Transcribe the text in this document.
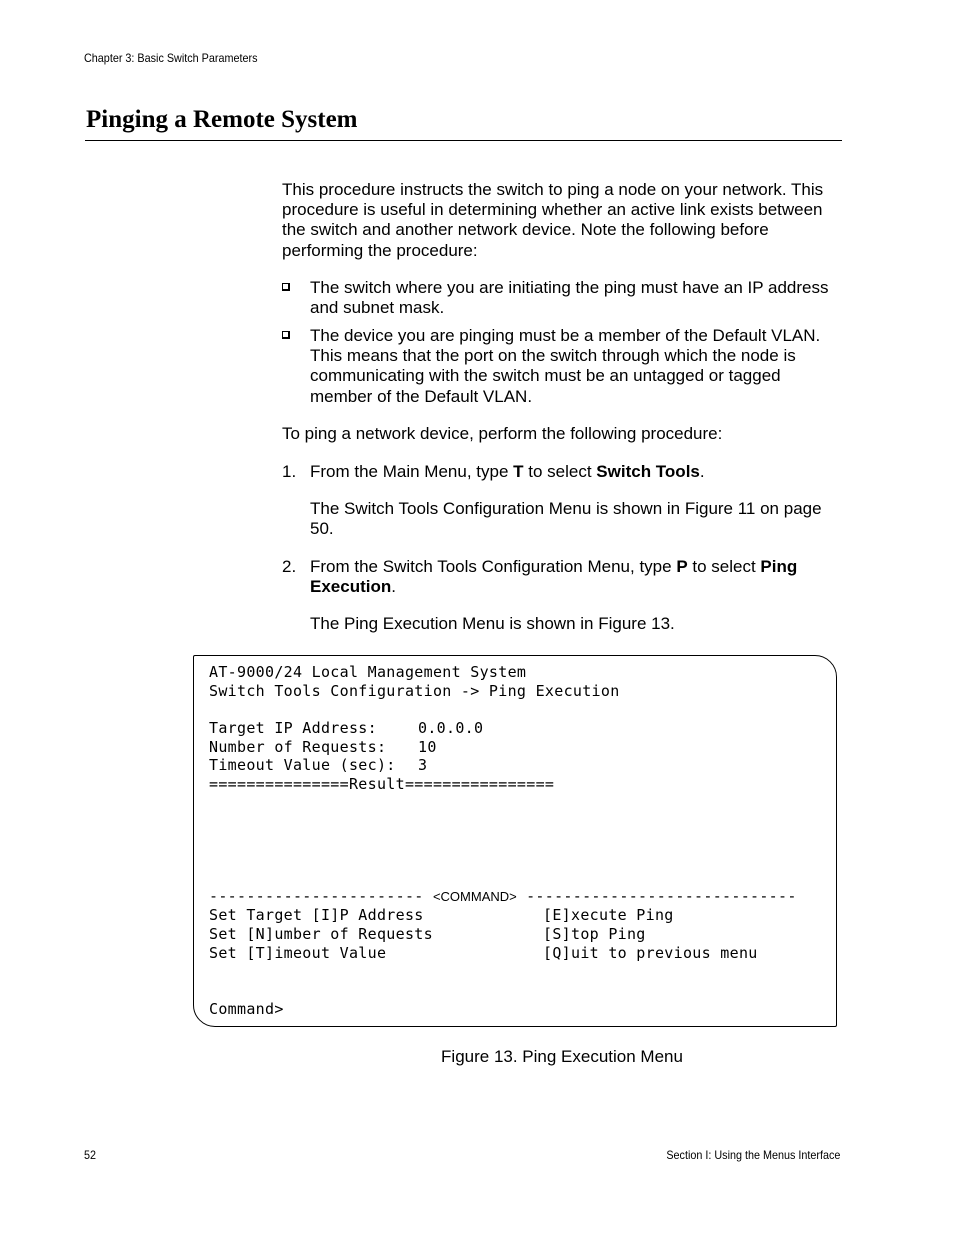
Chapter 3: Basic Switch Parameters
Pinging a Remote System
This procedure instructs the switch to ping a node on your network. This procedure is useful in determining whether an active link exists between the switch and another network device. Note the following before performing the procedure:
The switch where you are initiating the ping must have an IP address and subnet mask.
The device you are pinging must be a member of the Default VLAN. This means that the port on the switch through which the node is communicating with the switch must be an untagged or tagged member of the Default VLAN.
To ping a network device, perform the following procedure:
1. From the Main Menu, type T to select Switch Tools.
The Switch Tools Configuration Menu is shown in Figure 11 on page 50.
2. From the Switch Tools Configuration Menu, type P to select Ping Execution.
The Ping Execution Menu is shown in Figure 13.
AT-9000/24 Local Management System
Switch Tools Configuration -> Ping Execution
Target IP Address:	0.0.0.0
Number of Requests: 10
Timeout Value (sec): 3
===============Result================
----------------------- <COMMAND> -----------------------------
Set Target [I]P Address	[E]xecute Ping
Set [N]umber of Requests	[S]top Ping
Set [T]imeout Value	[Q]uit to previous menu
Command>
Figure 13. Ping Execution Menu
52	Section I: Using the Menus Interface
